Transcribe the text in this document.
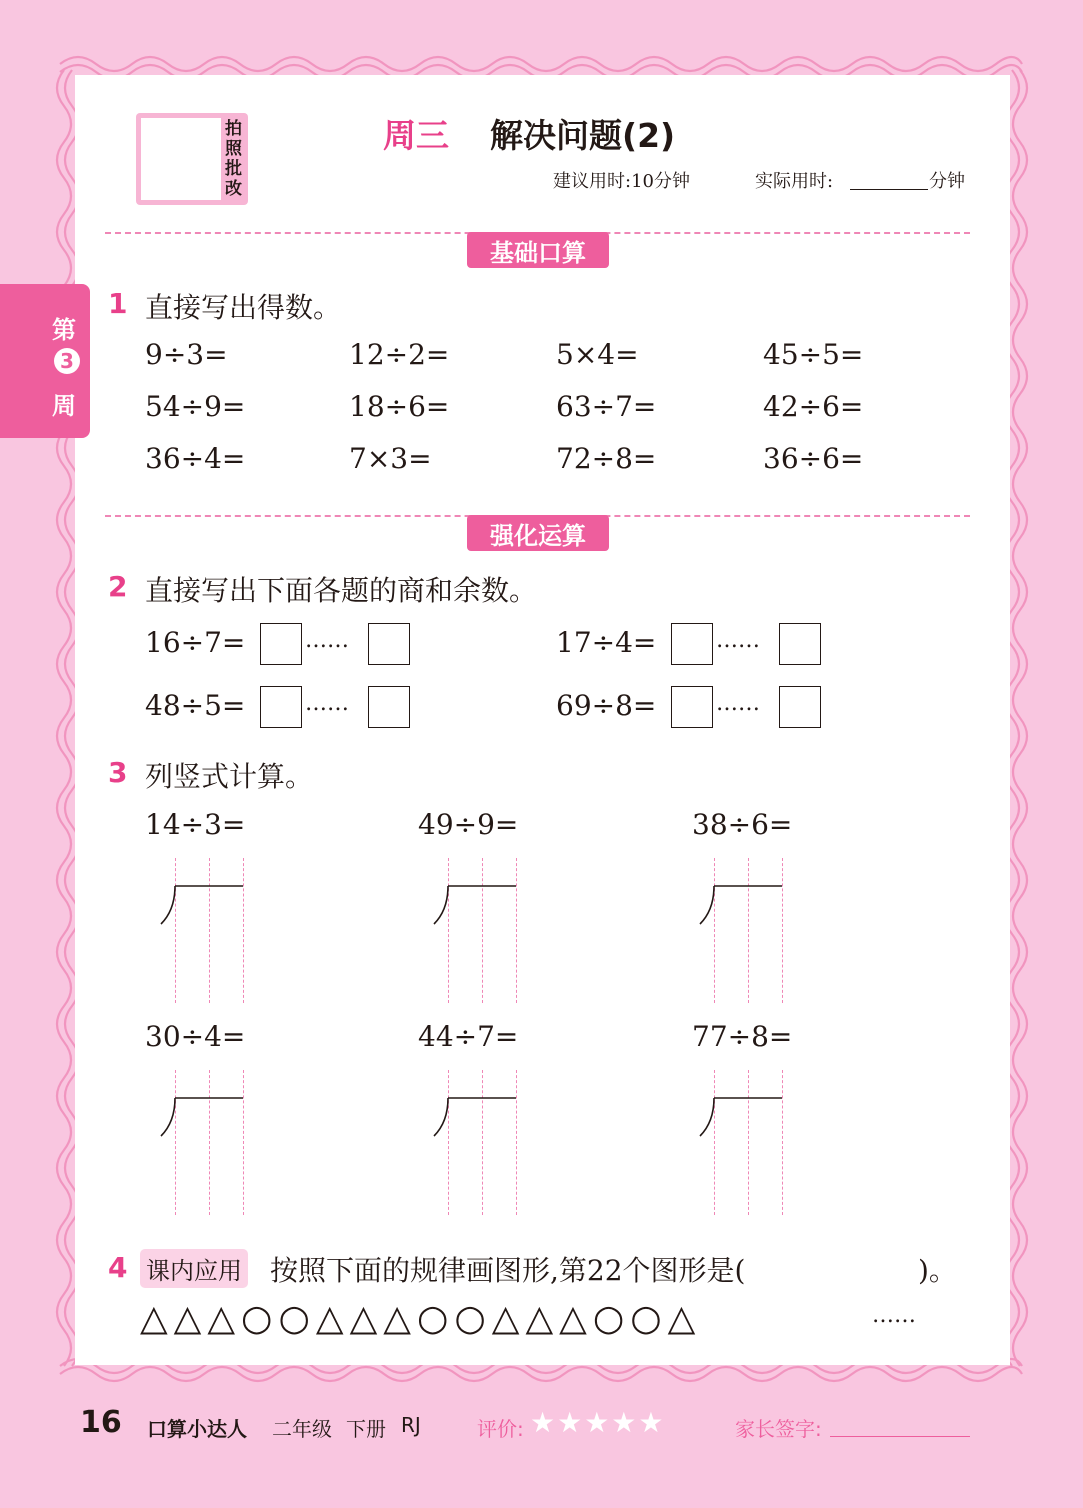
第
3
周
拍照批改
周三 解决问题(2)
建议用时:10分钟	实际用时:	分钟
基础口算
1 直接写出得数。
9÷3=	12÷2=	5×4=	45÷5=
54÷9=	18÷6=	63÷7=	42÷6=
36÷4=	7×3=	72÷8=	36÷6=
强化运算
2 直接写出下面各题的商和余数。
16÷7=	……	17÷4=	……
48÷5=	……	69÷8=	……
3 列竖式计算。
14÷3=	49÷9=	38÷6=
30÷4=	44÷7=	77÷8=
4 课内应用 按照下面的规律画图形,第22个图形是(	)。
△△△○○△△△○○△△△○○△	……
16 口算小达人 二年级 下册 RJ	评价: ★★★★★	家长签字:
